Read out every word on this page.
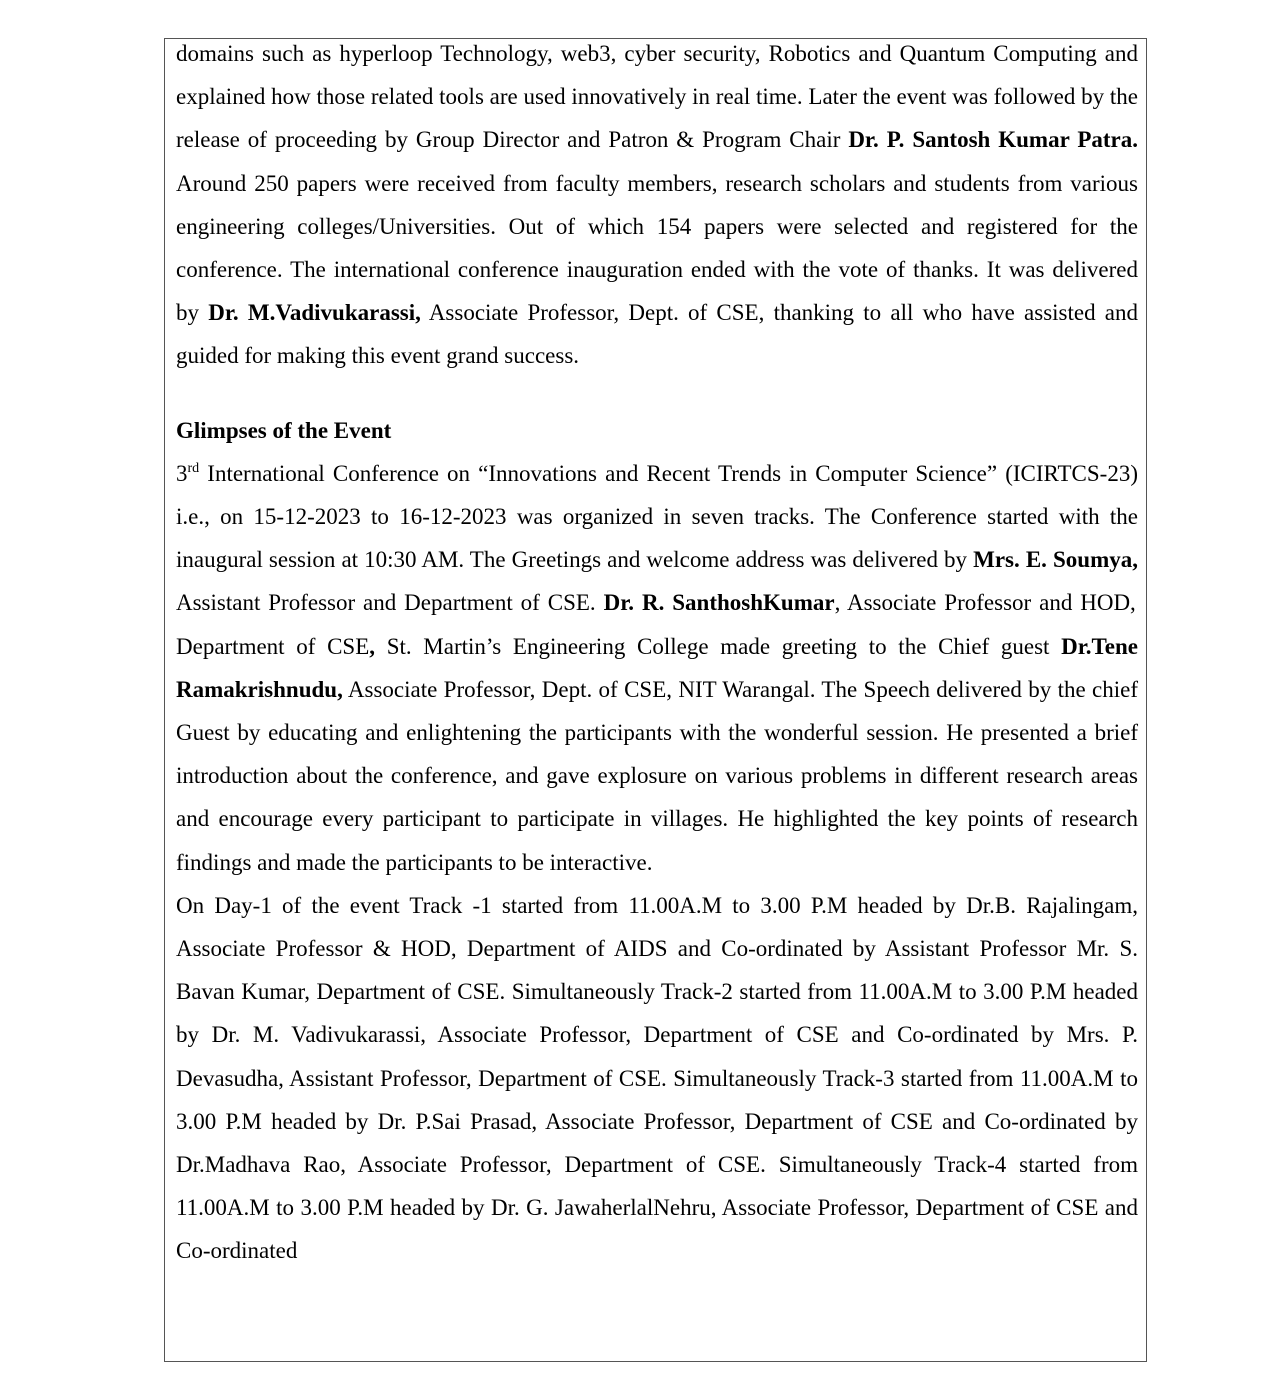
domains such as hyperloop Technology, web3, cyber security, Robotics and Quantum Computing and explained how those related tools are used innovatively in real time. Later the event was followed by the release of proceeding by Group Director and Patron & Program Chair Dr. P. Santosh Kumar Patra. Around 250 papers were received from faculty members, research scholars and students from various engineering colleges/Universities. Out of which 154 papers were selected and registered for the conference. The international conference inauguration ended with the vote of thanks. It was delivered by Dr. M.Vadivukarassi, Associate Professor, Dept. of CSE, thanking to all who have assisted and guided for making this event grand success.

Glimpses of the Event

3rd International Conference on “Innovations and Recent Trends in Computer Science” (ICIRTCS-23) i.e., on 15-12-2023 to 16-12-2023 was organized in seven tracks. The Conference started with the inaugural session at 10:30 AM. The Greetings and welcome address was delivered by Mrs. E. Soumya, Assistant Professor and Department of CSE. Dr. R. SanthoshKumar, Associate Professor and HOD, Department of CSE, St. Martin’s Engineering College made greeting to the Chief guest Dr.Tene Ramakrishnudu, Associate Professor, Dept. of CSE, NIT Warangal. The Speech delivered by the chief Guest by educating and enlightening the participants with the wonderful session. He presented a brief introduction about the conference, and gave explosure on various problems in different research areas and encourage every participant to participate in villages. He highlighted the key points of research findings and made the participants to be interactive.

On Day-1 of the event Track -1 started from 11.00A.M to 3.00 P.M headed by Dr.B. Rajalingam, Associate Professor & HOD, Department of AIDS and Co-ordinated by Assistant Professor Mr. S. Bavan Kumar, Department of CSE. Simultaneously Track-2 started from 11.00A.M to 3.00 P.M headed by Dr. M. Vadivukarassi, Associate Professor, Department of CSE and Co-ordinated by Mrs. P. Devasudha, Assistant Professor, Department of CSE. Simultaneously Track-3 started from 11.00A.M to 3.00 P.M headed by Dr. P.Sai Prasad, Associate Professor, Department of CSE and Co-ordinated by Dr.Madhava Rao, Associate Professor, Department of CSE. Simultaneously Track-4 started from 11.00A.M to 3.00 P.M headed by Dr. G. JawaherlalNehru, Associate Professor, Department of CSE and Co-ordinated
